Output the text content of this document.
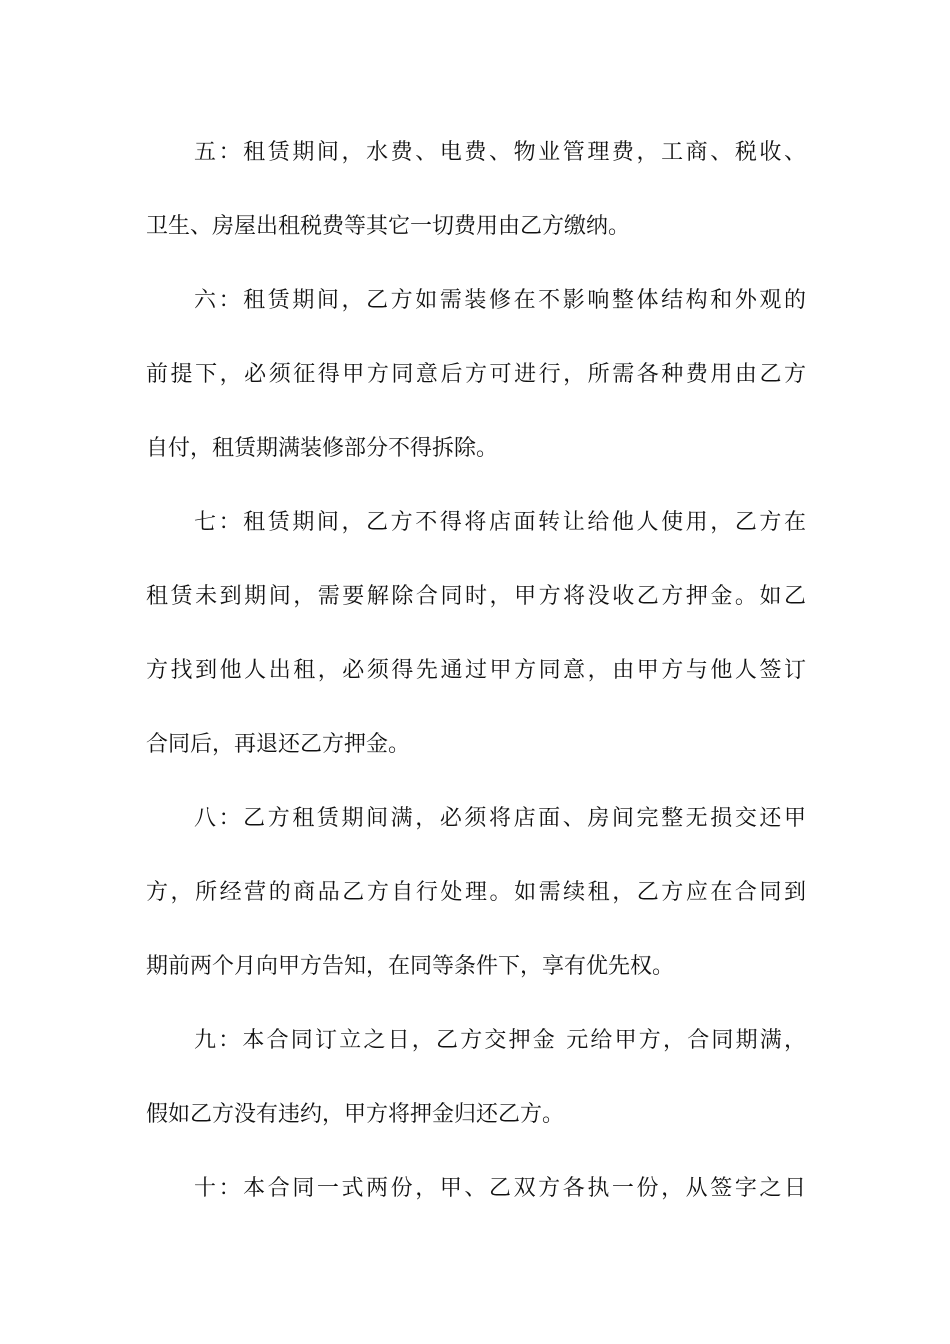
五：租赁期间，水费、电费、物业管理费，工商、税收、
卫生、房屋出租税费等其它一切费用由乙方缴纳。
六：租赁期间，乙方如需装修在不影响整体结构和外观的
前提下，必须征得甲方同意后方可进行，所需各种费用由乙方
自付，租赁期满装修部分不得拆除。
七：租赁期间，乙方不得将店面转让给他人使用，乙方在
租赁未到期间，需要解除合同时，甲方将没收乙方押金。如乙
方找到他人出租，必须得先通过甲方同意，由甲方与他人签订
合同后，再退还乙方押金。
八：乙方租赁期间满，必须将店面、房间完整无损交还甲
方，所经营的商品乙方自行处理。如需续租，乙方应在合同到
期前两个月向甲方告知，在同等条件下，享有优先权。
九：本合同订立之日，乙方交押金 元给甲方，合同期满，
假如乙方没有违约，甲方将押金归还乙方。
十：本合同一式两份，甲、乙双方各执一份，从签字之日
